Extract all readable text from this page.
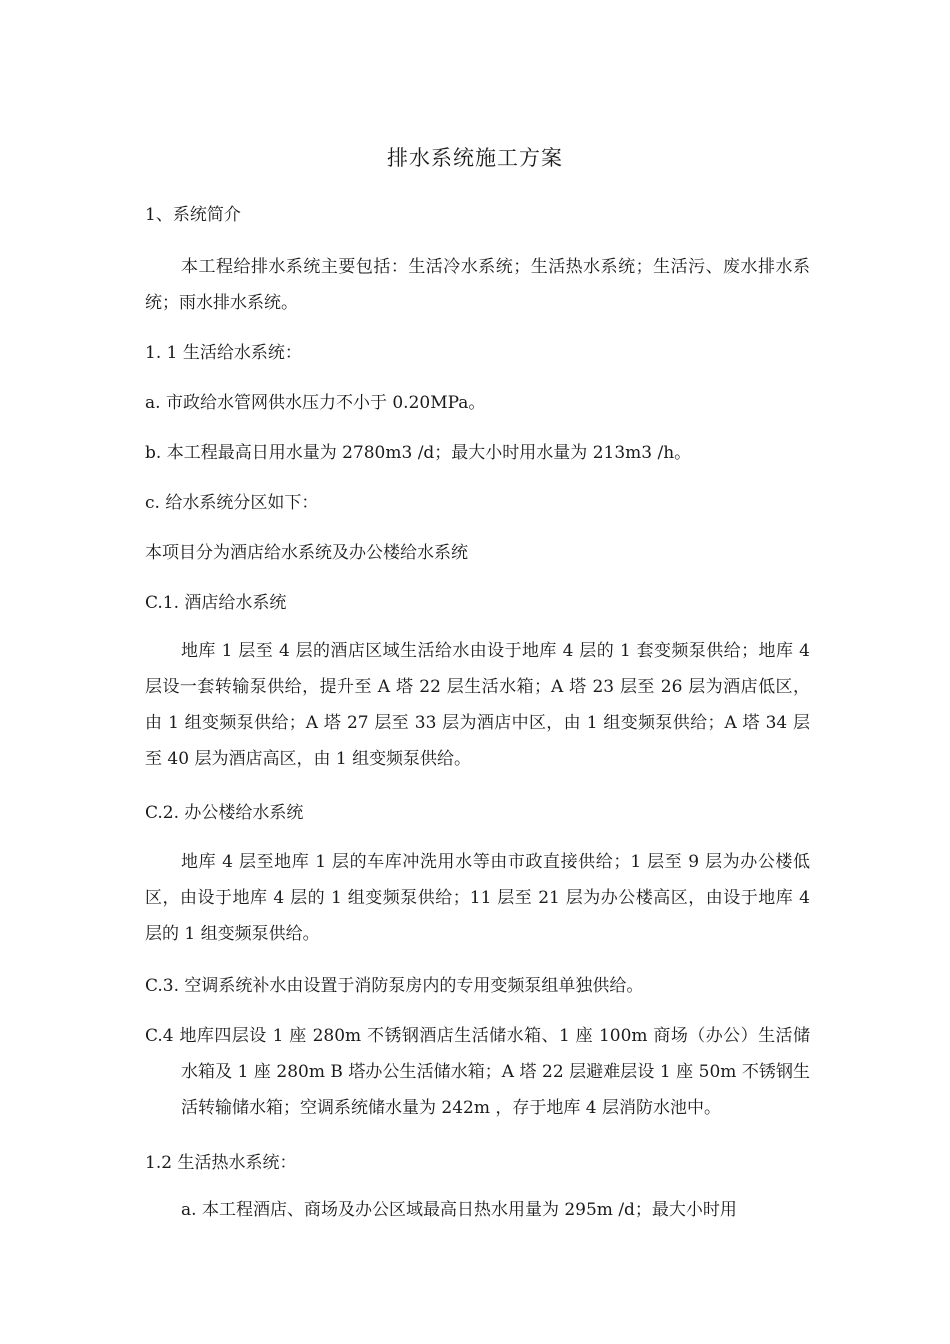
排水系统施工方案
1、系统简介
本工程给排水系统主要包括：生活冷水系统；生活热水系统；生活污、废水排水系统；雨水排水系统。
1. 1 生活给水系统：
a. 市政给水管网供水压力不小于 0.20MPa。
b. 本工程最高日用水量为 2780m3 /d；最大小时用水量为 213m3 /h。
c. 给水系统分区如下：
本项目分为酒店给水系统及办公楼给水系统
C.1. 酒店给水系统
地库 1 层至 4 层的酒店区域生活给水由设于地库 4 层的 1 套变频泵供给；地库 4 层设一套转输泵供给，提升至 A 塔 22 层生活水箱；A 塔 23 层至 26 层为酒店低区，由 1 组变频泵供给；A 塔 27 层至 33 层为酒店中区，由 1 组变频泵供给；A 塔 34 层至 40 层为酒店高区，由 1 组变频泵供给。
C.2. 办公楼给水系统
地库 4 层至地库 1 层的车库冲洗用水等由市政直接供给；1 层至 9 层为办公楼低区，由设于地库 4 层的 1 组变频泵供给；11 层至 21 层为办公楼高区，由设于地库 4 层的 1 组变频泵供给。
C.3. 空调系统补水由设置于消防泵房内的专用变频泵组单独供给。
C.4 地库四层设 1 座 280m 不锈钢酒店生活储水箱、1 座 100m 商场（办公）生活储水箱及 1 座 280m B 塔办公生活储水箱；A 塔 22 层避难层设 1 座 50m 不锈钢生活转输储水箱；空调系统储水量为 242m ，存于地库 4 层消防水池中。
1.2 生活热水系统：
a. 本工程酒店、商场及办公区域最高日热水用量为 295m /d；最大小时用
